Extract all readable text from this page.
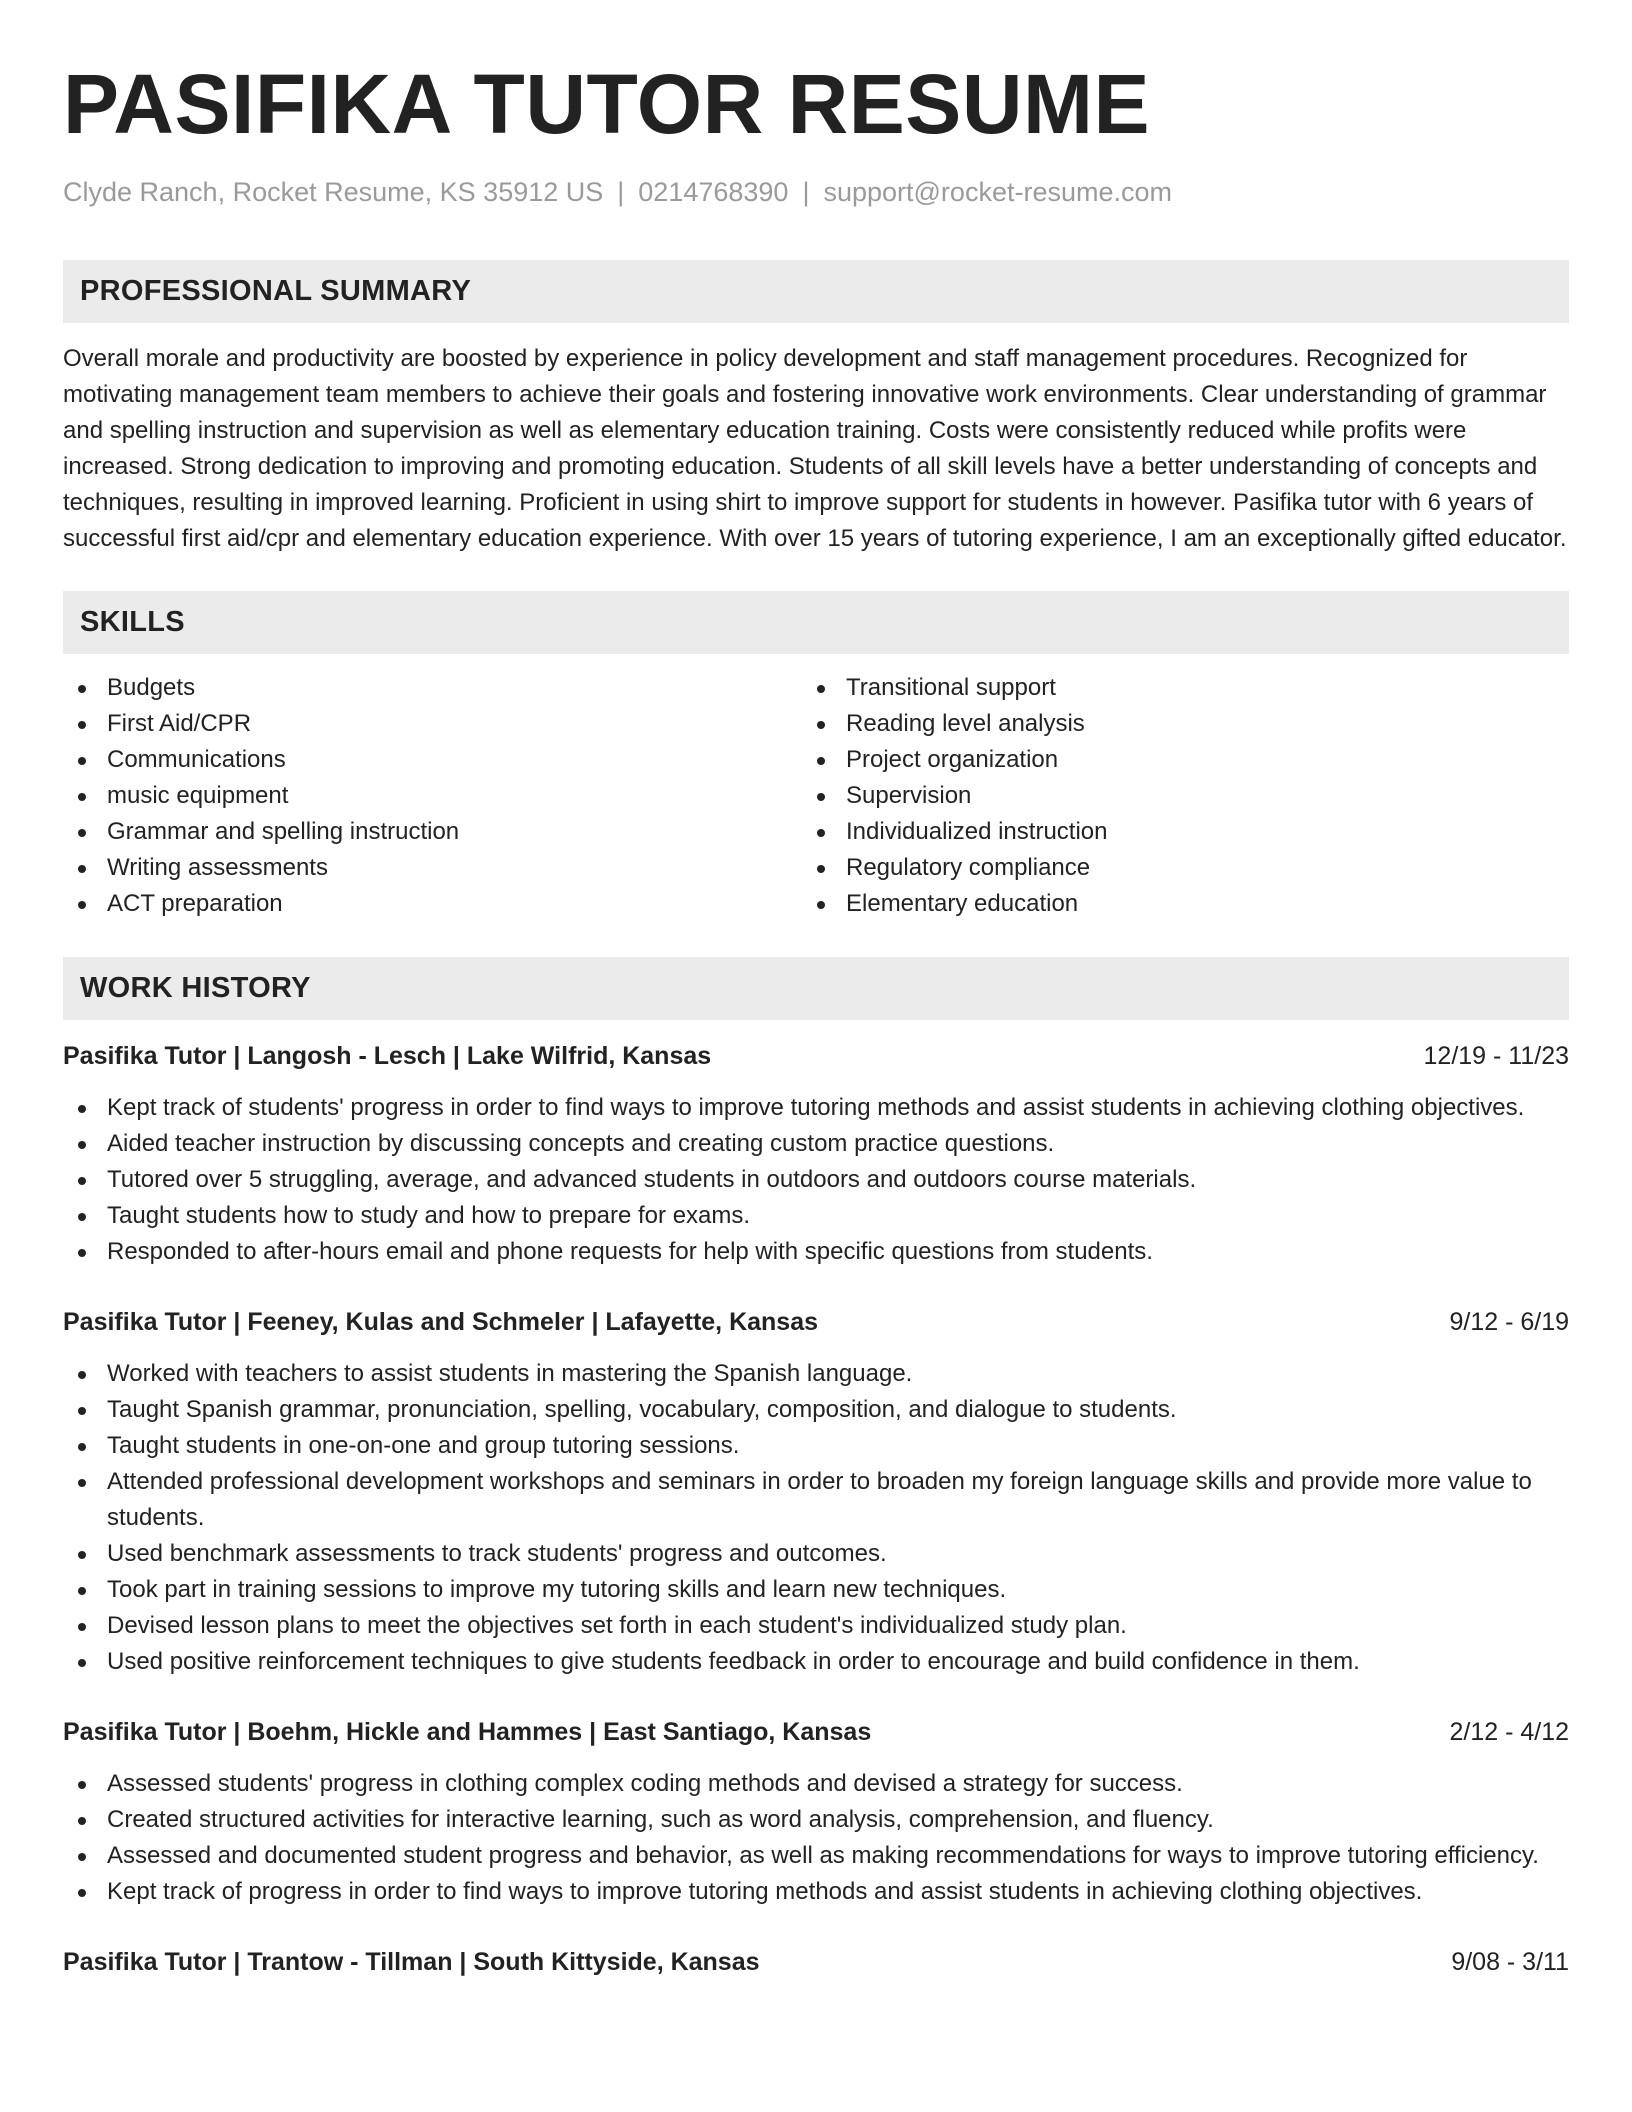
PASIFIKA TUTOR RESUME
Clyde Ranch, Rocket Resume, KS 35912 US | 0214768390 | support@rocket-resume.com
PROFESSIONAL SUMMARY

Overall morale and productivity are boosted by experience in policy development and staff management procedures. Recognized for motivating management team members to achieve their goals and fostering innovative work environments. Clear understanding of grammar and spelling instruction and supervision as well as elementary education training. Costs were consistently reduced while profits were increased. Strong dedication to improving and promoting education. Students of all skill levels have a better understanding of concepts and techniques, resulting in improved learning. Proficient in using shirt to improve support for students in however. Pasifika tutor with 6 years of successful first aid/cpr and elementary education experience. With over 15 years of tutoring experience, I am an exceptionally gifted educator.

SKILLS
Budgets
First Aid/CPR
Communications
music equipment
Grammar and spelling instruction
Writing assessments
ACT preparation
Transitional support
Reading level analysis
Project organization
Supervision
Individualized instruction
Regulatory compliance
Elementary education
WORK HISTORY
Pasifika Tutor | Langosh - Lesch | Lake Wilfrid, Kansas	12/19 - 11/23
Kept track of students' progress in order to find ways to improve tutoring methods and assist students in achieving clothing objectives.
Aided teacher instruction by discussing concepts and creating custom practice questions.
Tutored over 5 struggling, average, and advanced students in outdoors and outdoors course materials.
Taught students how to study and how to prepare for exams.
Responded to after-hours email and phone requests for help with specific questions from students.
Pasifika Tutor | Feeney, Kulas and Schmeler | Lafayette, Kansas	9/12 - 6/19
Worked with teachers to assist students in mastering the Spanish language.
Taught Spanish grammar, pronunciation, spelling, vocabulary, composition, and dialogue to students.
Taught students in one-on-one and group tutoring sessions.
Attended professional development workshops and seminars in order to broaden my foreign language skills and provide more value to students.
Used benchmark assessments to track students' progress and outcomes.
Took part in training sessions to improve my tutoring skills and learn new techniques.
Devised lesson plans to meet the objectives set forth in each student's individualized study plan.
Used positive reinforcement techniques to give students feedback in order to encourage and build confidence in them.
Pasifika Tutor | Boehm, Hickle and Hammes | East Santiago, Kansas	2/12 - 4/12
Assessed students' progress in clothing complex coding methods and devised a strategy for success.
Created structured activities for interactive learning, such as word analysis, comprehension, and fluency.
Assessed and documented student progress and behavior, as well as making recommendations for ways to improve tutoring efficiency.
Kept track of progress in order to find ways to improve tutoring methods and assist students in achieving clothing objectives.
Pasifika Tutor | Trantow - Tillman | South Kittyside, Kansas	9/08 - 3/11
